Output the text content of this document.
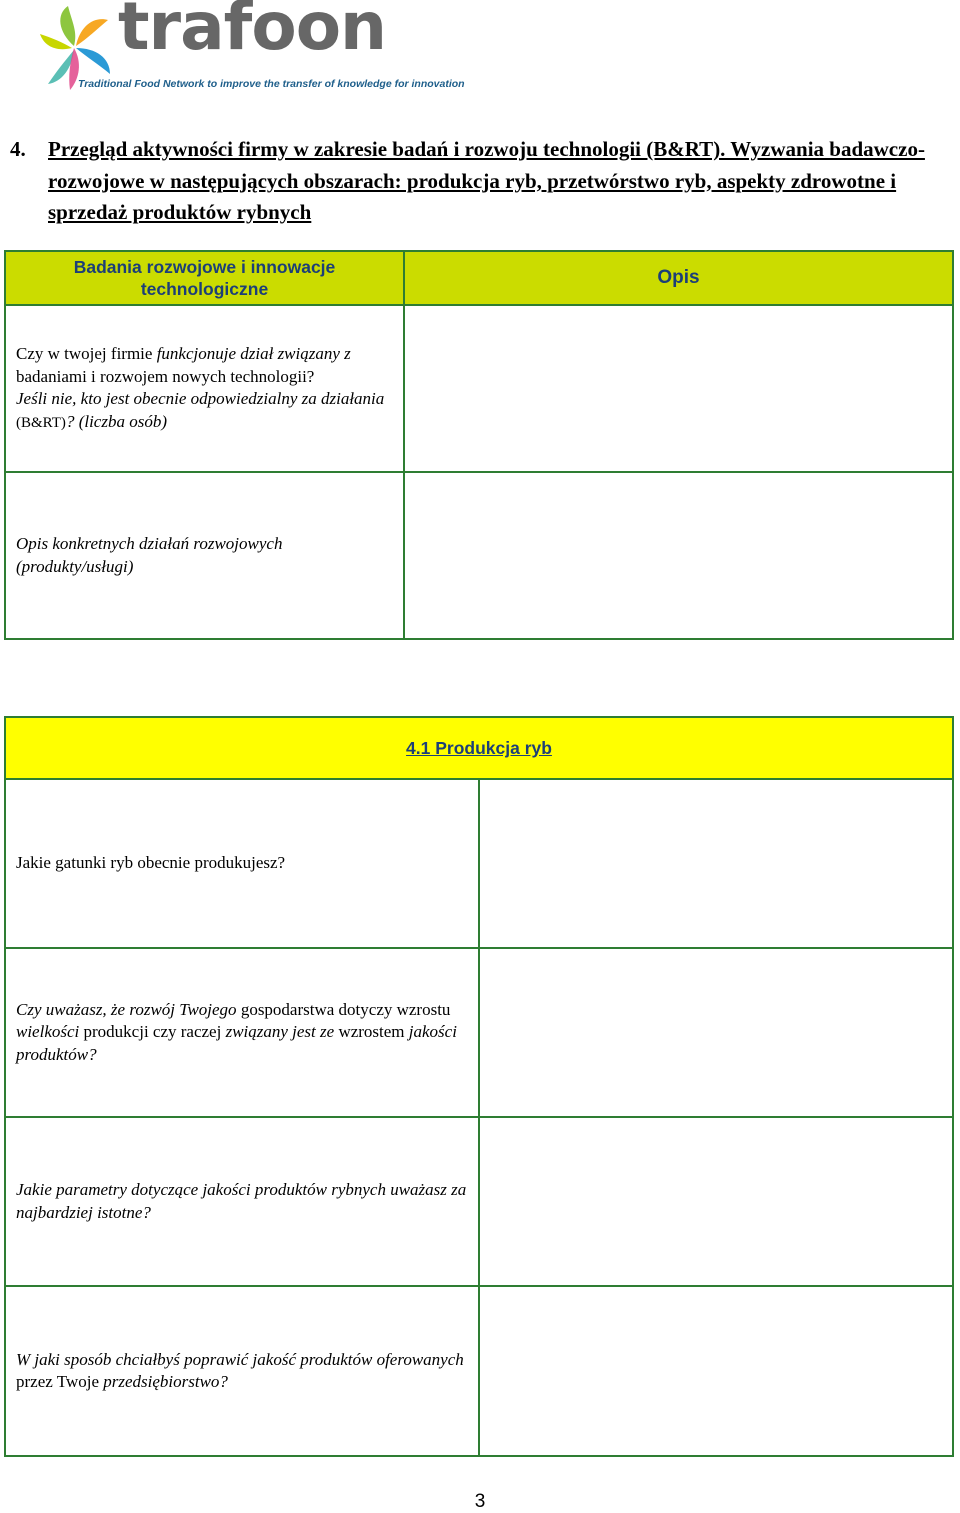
trafoon
Traditional Food Network to improve the transfer of knowledge for innovation
4. Przegląd aktywności firmy w zakresie badań i rozwoju technologii (B&RT). Wyzwania badawczo-rozwojowe w następujących obszarach: produkcja ryb, przetwórstwo ryb, aspekty zdrowotne i sprzedaż produktów rybnych
Badania rozwojowe i innowacje technologiczne	Opis
Czy w twojej firmie funkcjonuje dział związany z badaniami i rozwojem nowych technologii?
Jeśli nie, kto jest obecnie odpowiedzialny za działania (B&RT)? (liczba osób)	
Opis konkretnych działań rozwojowych (produkty/usługi)	
4.1 Produkcja ryb	
Jakie gatunki ryb obecnie produkujesz?	
Czy uważasz, że rozwój Twojego gospodarstwa dotyczy wzrostu wielkości produkcji czy raczej związany jest ze wzrostem jakości produktów?	
Jakie parametry dotyczące jakości produktów rybnych uważasz za najbardziej istotne?	
W jaki sposób chciałbyś poprawić jakość produktów oferowanych przez Twoje przedsiębiorstwo?	
3
